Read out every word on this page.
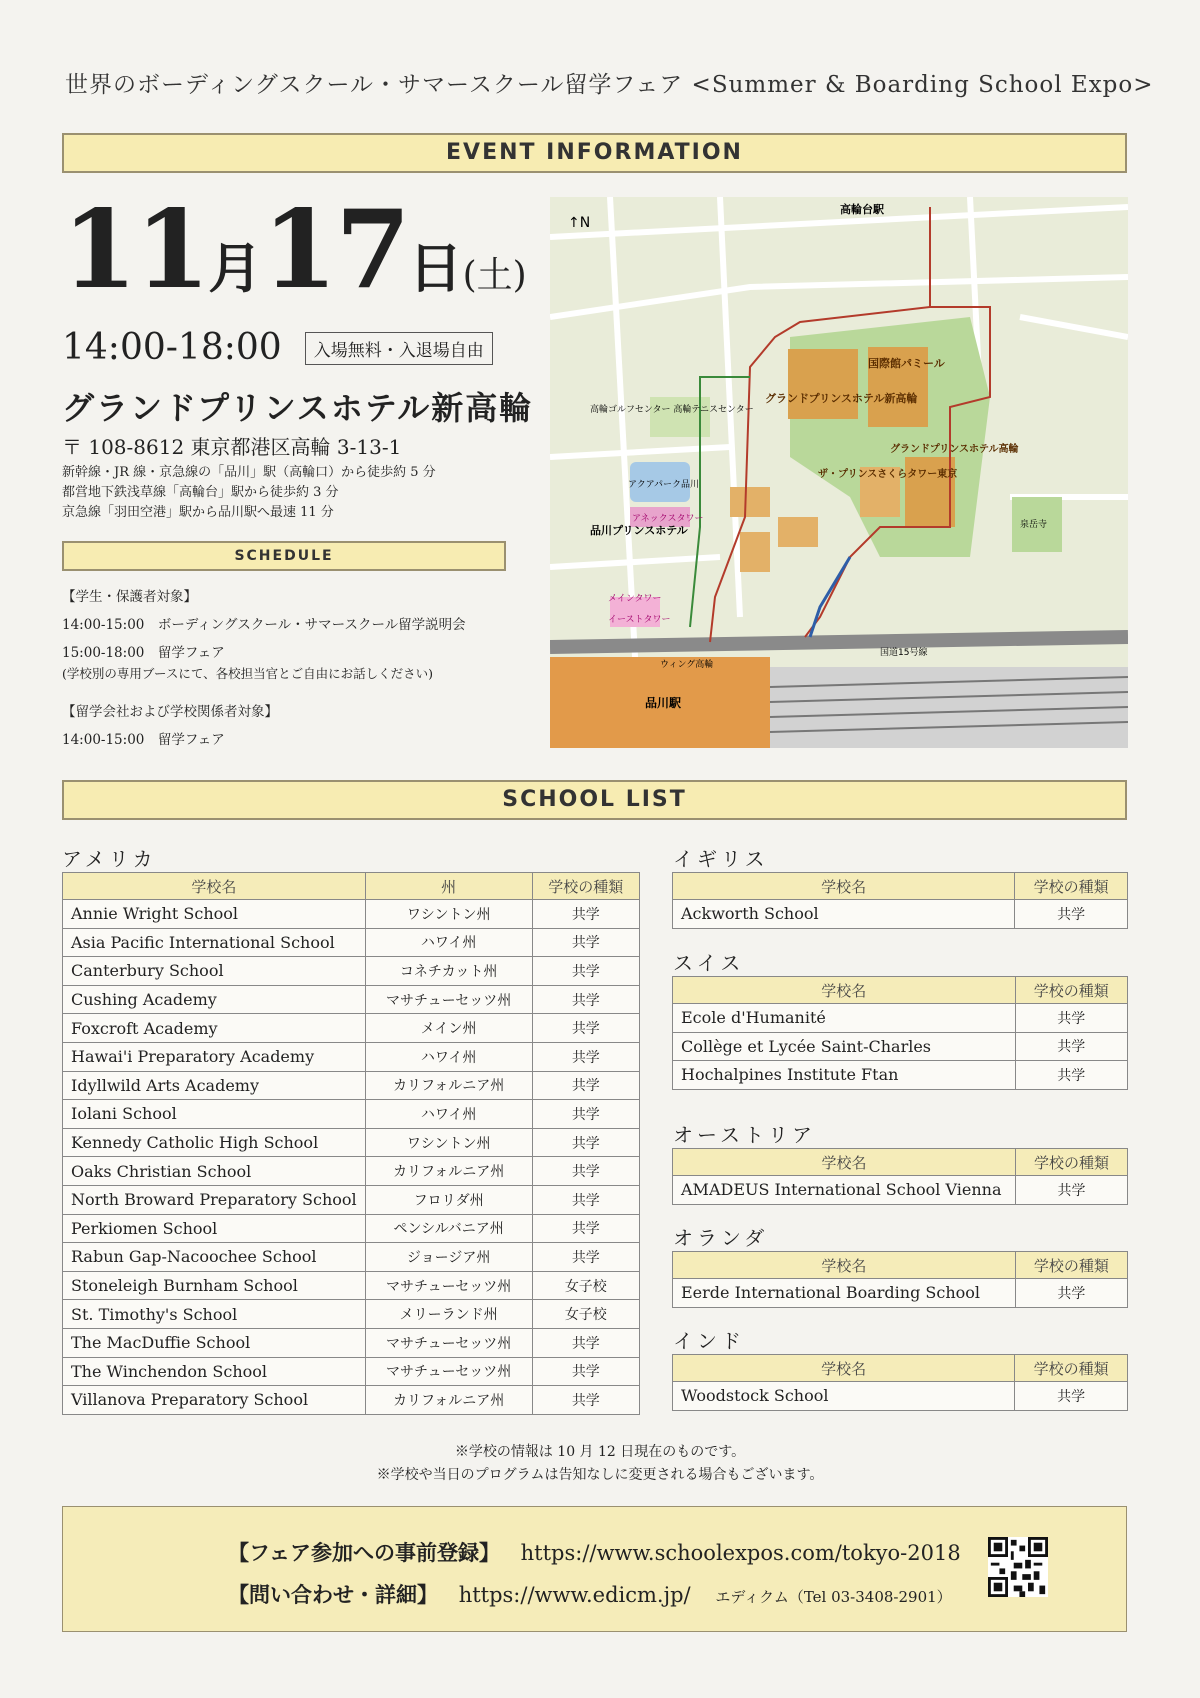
世界のボーディングスクール・サマースクール留学フェア <Summer & Boarding School Expo>
EVENT INFORMATION
11月17日(土)
14:00-18:00 入場無料・入退場自由
グランドプリンスホテル新高輪
〒 108-8612 東京都港区高輪 3-13-1
新幹線・JR 線・京急線の「品川」駅（高輪口）から徒歩約 5 分
都営地下鉄浅草線「高輪台」駅から徒歩約 3 分
京急線「羽田空港」駅から品川駅へ最速 11 分
SCHEDULE
【学生・保護者対象】
14:00-15:00　ボーディングスクール・サマースクール留学説明会
15:00-18:00　留学フェア
(学校別の専用ブースにて、各校担当官とご自由にお話しください)
【留学会社および学校関係者対象】
14:00-15:00　留学フェア
高輪台駅
グランドプリンスホテル新高輪
国際館パミール
グランドプリンスホテル高輪
ザ・プリンスさくらタワー東京
品川プリンスホテル
アクアパーク品川
アネックスタワー
メインタワー
イーストタワー
品川駅
高輪ゴルフセンター 高輪テニスセンター
国道15号線
ウィング高輪
泉岳寺
↑N
SCHOOL LIST
アメリカ
学校名	州	学校の種類
Annie Wright School	ワシントン州	共学
Asia Pacific International School	ハワイ州	共学
Canterbury School	コネチカット州	共学
Cushing Academy	マサチューセッツ州	共学
Foxcroft Academy	メイン州	共学
Hawai'i Preparatory Academy	ハワイ州	共学
Idyllwild Arts Academy	カリフォルニア州	共学
Iolani School	ハワイ州	共学
Kennedy Catholic High School	ワシントン州	共学
Oaks Christian School	カリフォルニア州	共学
North Broward Preparatory School	フロリダ州	共学
Perkiomen School	ペンシルバニア州	共学
Rabun Gap-Nacoochee School	ジョージア州	共学
Stoneleigh Burnham School	マサチューセッツ州	女子校
St. Timothy's School	メリーランド州	女子校
The MacDuffie School	マサチューセッツ州	共学
The Winchendon School	マサチューセッツ州	共学
Villanova Preparatory School	カリフォルニア州	共学
イギリス
学校名	学校の種類
Ackworth School	共学
スイス
学校名	学校の種類
Ecole d'Humanité	共学
Collège et Lycée Saint-Charles	共学
Hochalpines Institute Ftan	共学
オーストリア
学校名	学校の種類
AMADEUS International School Vienna	共学
オランダ
学校名	学校の種類
Eerde International Boarding School	共学
インド
学校名	学校の種類
Woodstock School	共学
※学校の情報は 10 月 12 日現在のものです。
※学校や当日のプログラムは告知なしに変更される場合もございます。
【フェア参加への事前登録】 https://www.schoolexpos.com/tokyo-2018
【問い合わせ・詳細】 https://www.edicm.jp/ エディクム（Tel 03-3408-2901）
